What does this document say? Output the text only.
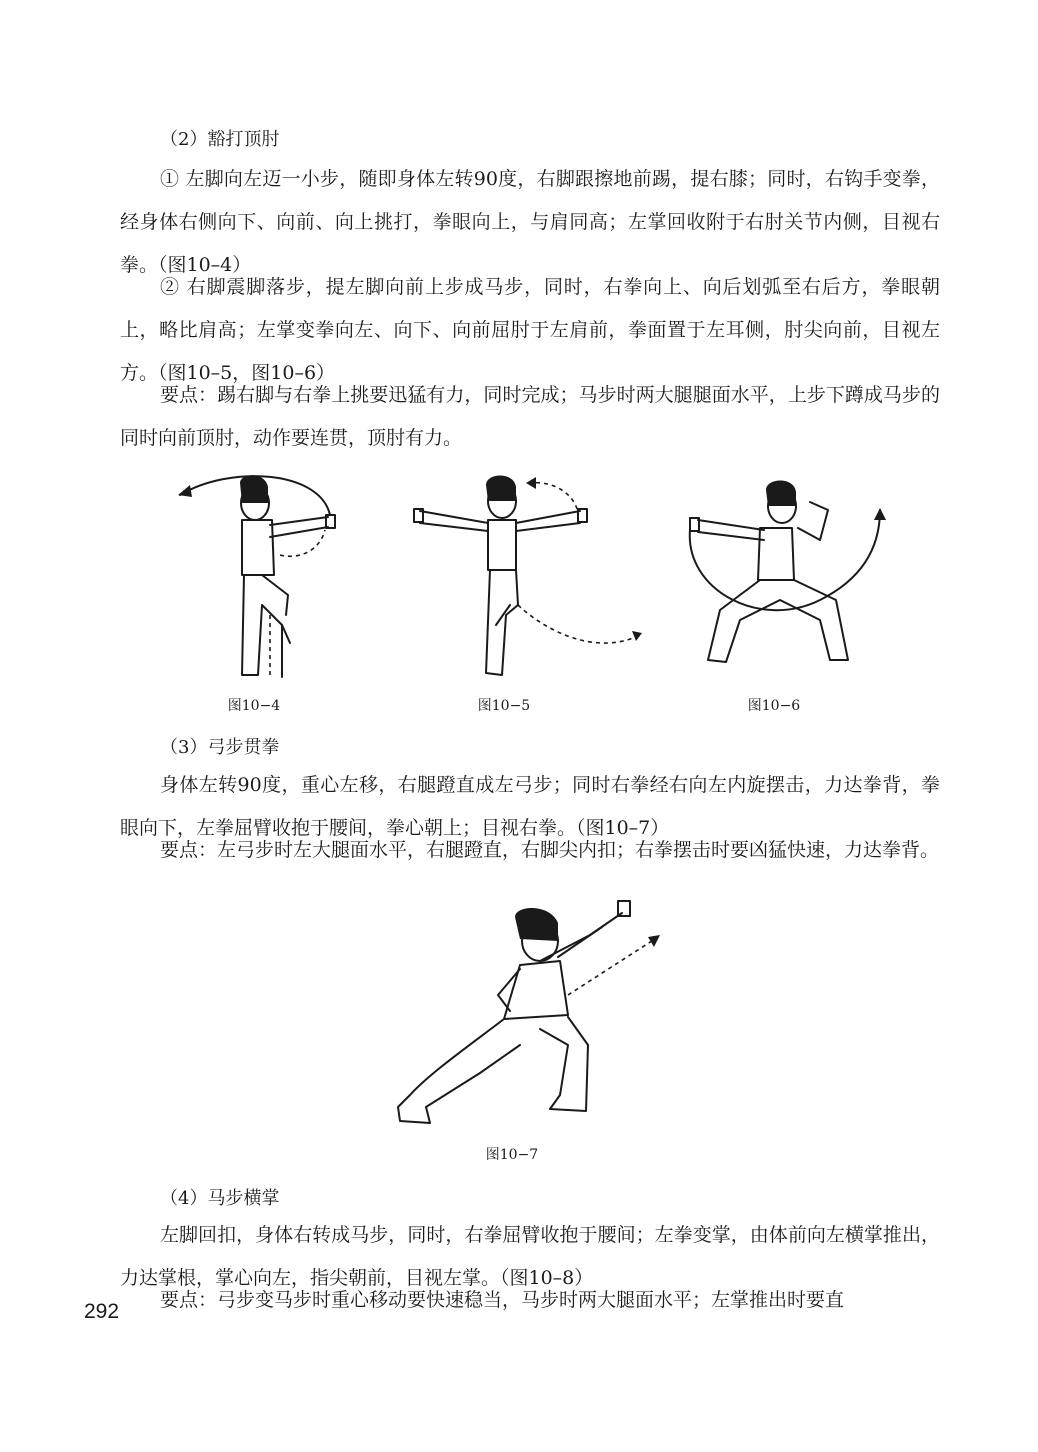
（2）豁打顶肘
① 左脚向左迈一小步，随即身体左转90度，右脚跟擦地前踢，提右膝；同时，右钩手变拳，经身体右侧向下、向前、向上挑打，拳眼向上，与肩同高；左掌回收附于右肘关节内侧，目视右拳。（图10–4）
② 右脚震脚落步，提左脚向前上步成马步，同时，右拳向上、向后划弧至右后方，拳眼朝上，略比肩高；左掌变拳向左、向下、向前屈肘于左肩前，拳面置于左耳侧，肘尖向前，目视左方。（图10–5，图10–6）
要点：踢右脚与右拳上挑要迅猛有力，同时完成；马步时两大腿腿面水平，上步下蹲成马步的同时向前顶肘，动作要连贯，顶肘有力。
图10−4	图10−5	图10−6
（3）弓步贯拳
身体左转90度，重心左移，右腿蹬直成左弓步；同时右拳经右向左内旋摆击，力达拳背，拳眼向下，左拳屈臂收抱于腰间，拳心朝上；目视右拳。（图10–7）
要点：左弓步时左大腿面水平，右腿蹬直，右脚尖内扣；右拳摆击时要凶猛快速，力达拳背。
图10−7
（4）马步横掌
左脚回扣，身体右转成马步，同时，右拳屈臂收抱于腰间；左拳变掌，由体前向左横掌推出，力达掌根，掌心向左，指尖朝前，目视左掌。（图10–8）
要点：弓步变马步时重心移动要快速稳当，马步时两大腿面水平；左掌推出时要直
292
